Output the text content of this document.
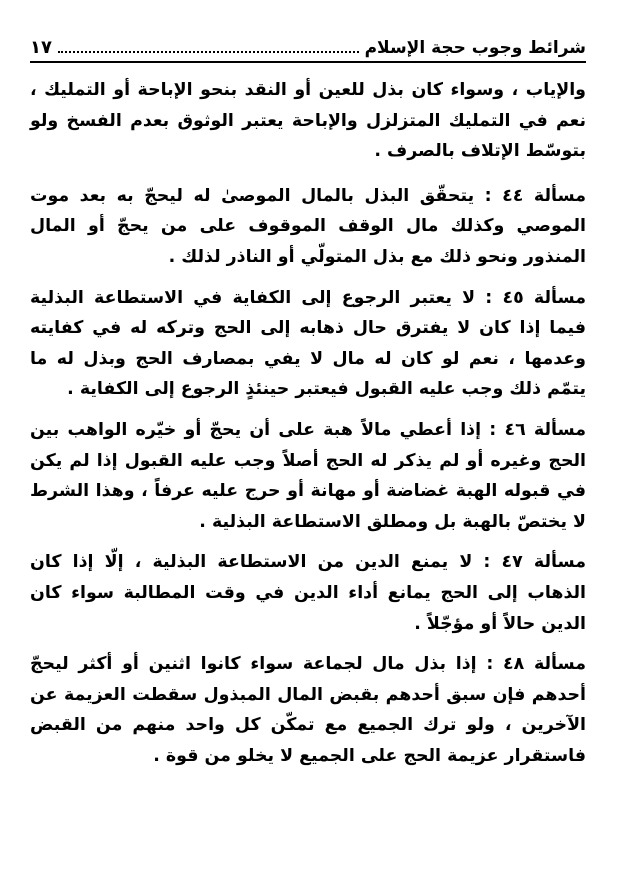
شرائط وجوب حجة الإسلام
١٧

والإياب ، وسواء كان بذل للعين أو النقد بنحو الإباحة أو التمليك ، نعم في التمليك المتزلزل والإباحة يعتبر الوثوق بعدم الفسخ ولو بتوسّط الإتلاف بالصرف .

مسألة ٤٤ : يتحقّق البذل بالمال الموصىٰ له ليحجّ به بعد موت الموصي وكذلك مال الوقف الموقوف على من يحجّ أو المال المنذور ونحو ذلك مع بذل المتولّي أو الناذر لذلك .

مسألة ٤٥ : لا يعتبر الرجوع إلى الكفاية في الاستطاعة البذلية فيما إذا كان لا يفترق حال ذهابه إلى الحج وتركه له في كفايته وعدمها ، نعم لو كان له مال لا يفي بمصارف الحج وبذل له ما يتمّم ذلك وجب عليه القبول فيعتبر حينئذٍ الرجوع إلى الكفاية .

مسألة ٤٦ : إذا أعطي مالاً هبة على أن يحجّ أو خيّره الواهب بين الحج وغيره أو لم يذكر له الحج أصلاً وجب عليه القبول إذا لم يكن في قبوله الهبة غضاضة أو مهانة أو حرج عليه عرفاً ، وهذا الشرط لا يختصّ بالهبة بل ومطلق الاستطاعة البذلية .

مسألة ٤٧ : لا يمنع الدين من الاستطاعة البذلية ، إلّا إذا كان الذهاب إلى الحج يمانع أداء الدين في وقت المطالبة سواء كان الدين حالاً أو مؤجّلاً .

مسألة ٤٨ : إذا بذل مال لجماعة سواء كانوا اثنين أو أكثر ليحجّ أحدهم فإن سبق أحدهم بقبض المال المبذول سقطت العزيمة عن الآخرين ، ولو ترك الجميع مع تمكّن كل واحد منهم من القبض فاستقرار عزيمة الحج على الجميع لا يخلو من قوة .
